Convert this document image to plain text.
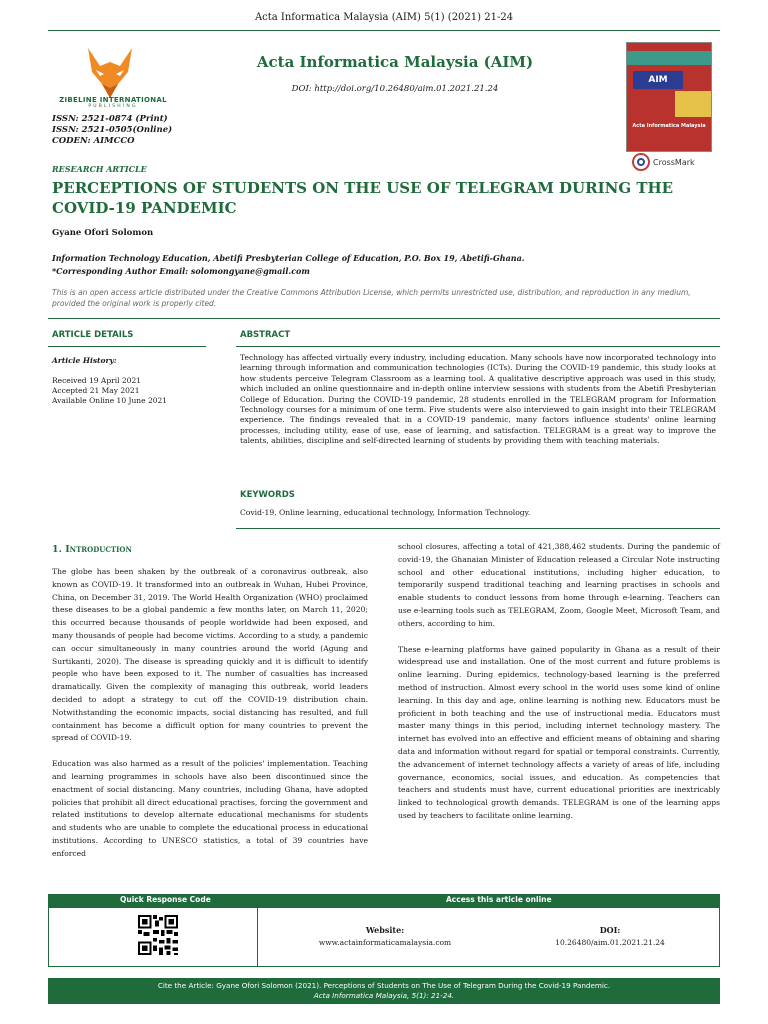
Acta Informatica Malaysia (AIM) 5(1) (2021) 21-24
ZIBELINE INTERNATIONAL
PUBLISHING
ISSN: 2521-0874 (Print)
ISSN: 2521-0505(Online)
CODEN: AIMCCO
Acta Informatica Malaysia (AIM)
DOI: http://doi.org/10.26480/aim.01.2021.21.24
AIM
Acta Informatica Malaysia
CrossMark
RESEARCH ARTICLE
PERCEPTIONS OF STUDENTS ON THE USE OF TELEGRAM DURING THE COVID-19 PANDEMIC
Gyane Ofori Solomon
Information Technology Education, Abetifi Presbyterian College of Education, P.O. Box 19, Abetifi-Ghana.
*Corresponding Author Email: solomongyane@gmail.com
This is an open access article distributed under the Creative Commons Attribution License, which permits unrestricted use, distribution, and reproduction in any medium, provided the original work is properly cited.
ARTICLE DETAILS	ABSTRACT
Article History:
Received 19 April 2021
Accepted 21 May 2021
Available Online 10 June 2021
Technology has affected virtually every industry, including education. Many schools have now incorporated technology into learning through information and communication technologies (ICTs). During the COVID-19 pandemic, this study looks at how students perceive Telegram Classroom as a learning tool. A qualitative descriptive approach was used in this study, which included an online questionnaire and in-depth online interview sessions with students from the Abetifi Presbyterian College of Education. During the COVID-19 pandemic, 28 students enrolled in the TELEGRAM program for Information Technology courses for a minimum of one term. Five students were also interviewed to gain insight into their TELEGRAM experience. The findings revealed that in a COVID-19 pandemic, many factors influence students' online learning processes, including utility, ease of use, ease of learning, and satisfaction. TELEGRAM is a great way to improve the talents, abilities, discipline and self-directed learning of students by providing them with teaching materials.
KEYWORDS
Covid-19, Online learning, educational technology, Information Technology.
1. Introduction

The globe has been shaken by the outbreak of a coronavirus outbreak, also known as COVID-19. It transformed into an outbreak in Wuhan, Hubei Province, China, on December 31, 2019. The World Health Organization (WHO) proclaimed these diseases to be a global pandemic a few months later, on March 11, 2020; this occurred because thousands of people worldwide had been exposed, and many thousands of people had become victims. According to a study, a pandemic can occur simultaneously in many countries around the world (Agung and Surtikanti, 2020). The disease is spreading quickly and it is difficult to identify people who have been exposed to it. The number of casualties has increased dramatically. Given the complexity of managing this outbreak, world leaders decided to adopt a strategy to cut off the COVID-19 distribution chain. Notwithstanding the economic impacts, social distancing has resulted, and full containment has become a difficult option for many countries to prevent the spread of COVID-19.

Education was also harmed as a result of the policies' implementation. Teaching and learning programmes in schools have also been discontinued since the enactment of social distancing. Many countries, including Ghana, have adopted policies that prohibit all direct educational practises, forcing the government and related institutions to develop alternate educational mechanisms for students and students who are unable to complete the educational process in educational institutions. According to UNESCO statistics, a total of 39 countries have enforced

school closures, affecting a total of 421,388,462 students. During the pandemic of covid-19, the Ghanaian Minister of Education released a Circular Note instructing school and other educational institutions, including higher education, to temporarily suspend traditional teaching and learning practises in schools and enable students to conduct lessons from home through e-learning. Teachers can use e-learning tools such as TELEGRAM, Zoom, Google Meet, Microsoft Team, and others, according to him.

These e-learning platforms have gained popularity in Ghana as a result of their widespread use and installation. One of the most current and future problems is online learning. During epidemics, technology-based learning is the preferred method of instruction. Almost every school in the world uses some kind of online learning. In this day and age, online learning is nothing new. Educators must be proficient in both teaching and the use of instructional media. Educators must master many things in this period, including internet technology mastery. The internet has evolved into an effective and efficient means of obtaining and sharing data and information without regard for spatial or temporal constraints. Currently, the advancement of internet technology affects a variety of areas of life, including governance, economics, social issues, and education. As competencies that teachers and students must have, current educational priorities are inextricably linked to technological growth demands. TELEGRAM is one of the learning apps used by teachers to facilitate online learning.

Quick Response Code	Access this article online
Website:
www.actainformaticamalaysia.com
DOI:
10.26480/aim.01.2021.21.24
Cite the Article: Gyane Ofori Solomon (2021). Perceptions of Students on The Use of Telegram During the Covid-19 Pandemic.
Acta Informatica Malaysia, 5(1): 21-24.
